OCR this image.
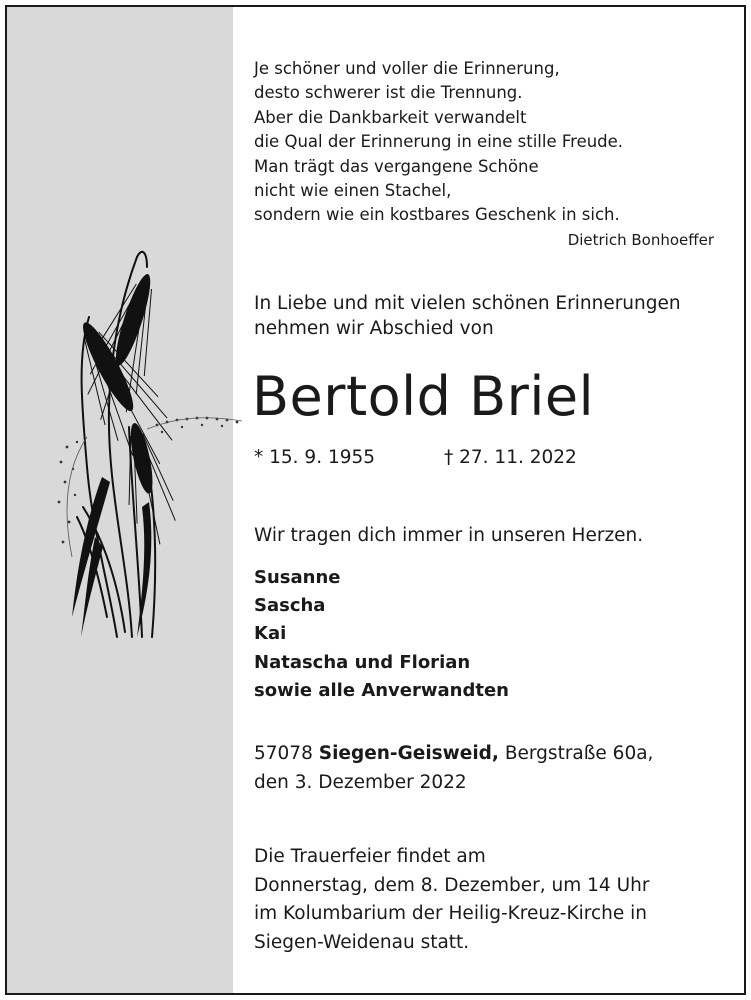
Je schöner und voller die Erinnerung,
desto schwerer ist die Trennung.
Aber die Dankbarkeit verwandelt
die Qual der Erinnerung in eine stille Freude.
Man trägt das vergangene Schöne
nicht wie einen Stachel,
sondern wie ein kostbares Geschenk in sich.
Dietrich Bonhoeffer
In Liebe und mit vielen schönen Erinnerungen
nehmen wir Abschied von
Bertold Briel
* 15. 9. 1955	† 27. 11. 2022
Wir tragen dich immer in unseren Herzen.
Susanne
Sascha
Kai
Natascha und Florian
sowie alle Anverwandten
57078 Siegen-Geisweid, Bergstraße 60a,
den 3. Dezember 2022
Die Trauerfeier findet am
Donnerstag, dem 8. Dezember, um 14 Uhr
im Kolumbarium der Heilig-Kreuz-Kirche in
Siegen-Weidenau statt.
